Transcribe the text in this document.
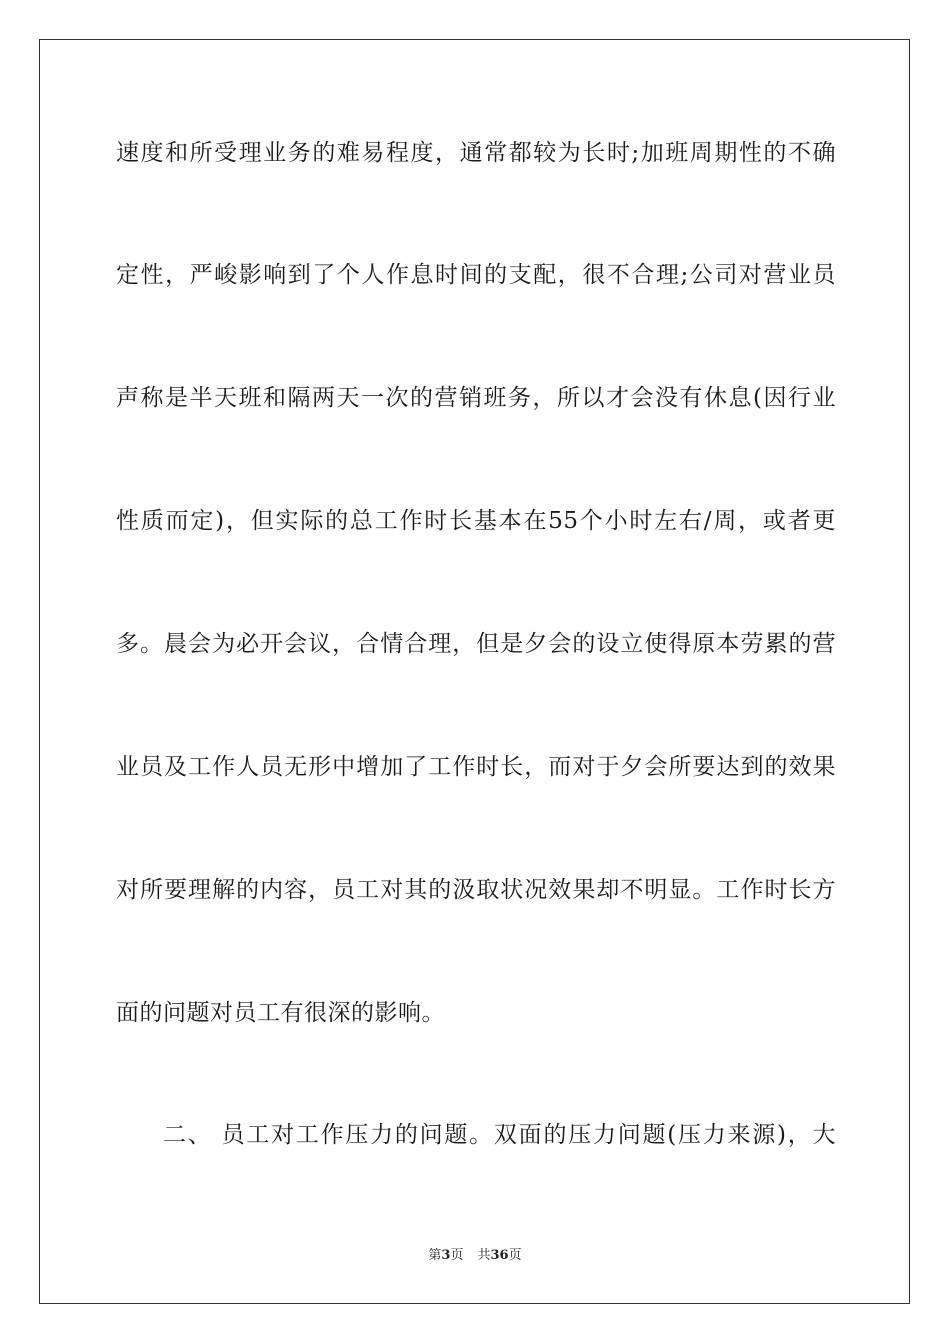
速度和所受理业务的难易程度，通常都较为长时;加班周期性的不确
定性，严峻影响到了个人作息时间的支配，很不合理;公司对营业员
声称是半天班和隔两天一次的营销班务，所以才会没有休息(因行业
性质而定)，但实际的总工作时长基本在55个小时左右/周，或者更
多。晨会为必开会议，合情合理，但是夕会的设立使得原本劳累的营
业员及工作人员无形中增加了工作时长，而对于夕会所要达到的效果
对所要理解的内容，员工对其的汲取状况效果却不明显。工作时长方
面的问题对员工有很深的影响。
二、 员工对工作压力的问题。双面的压力问题(压力来源)，大
第3页 共36页
